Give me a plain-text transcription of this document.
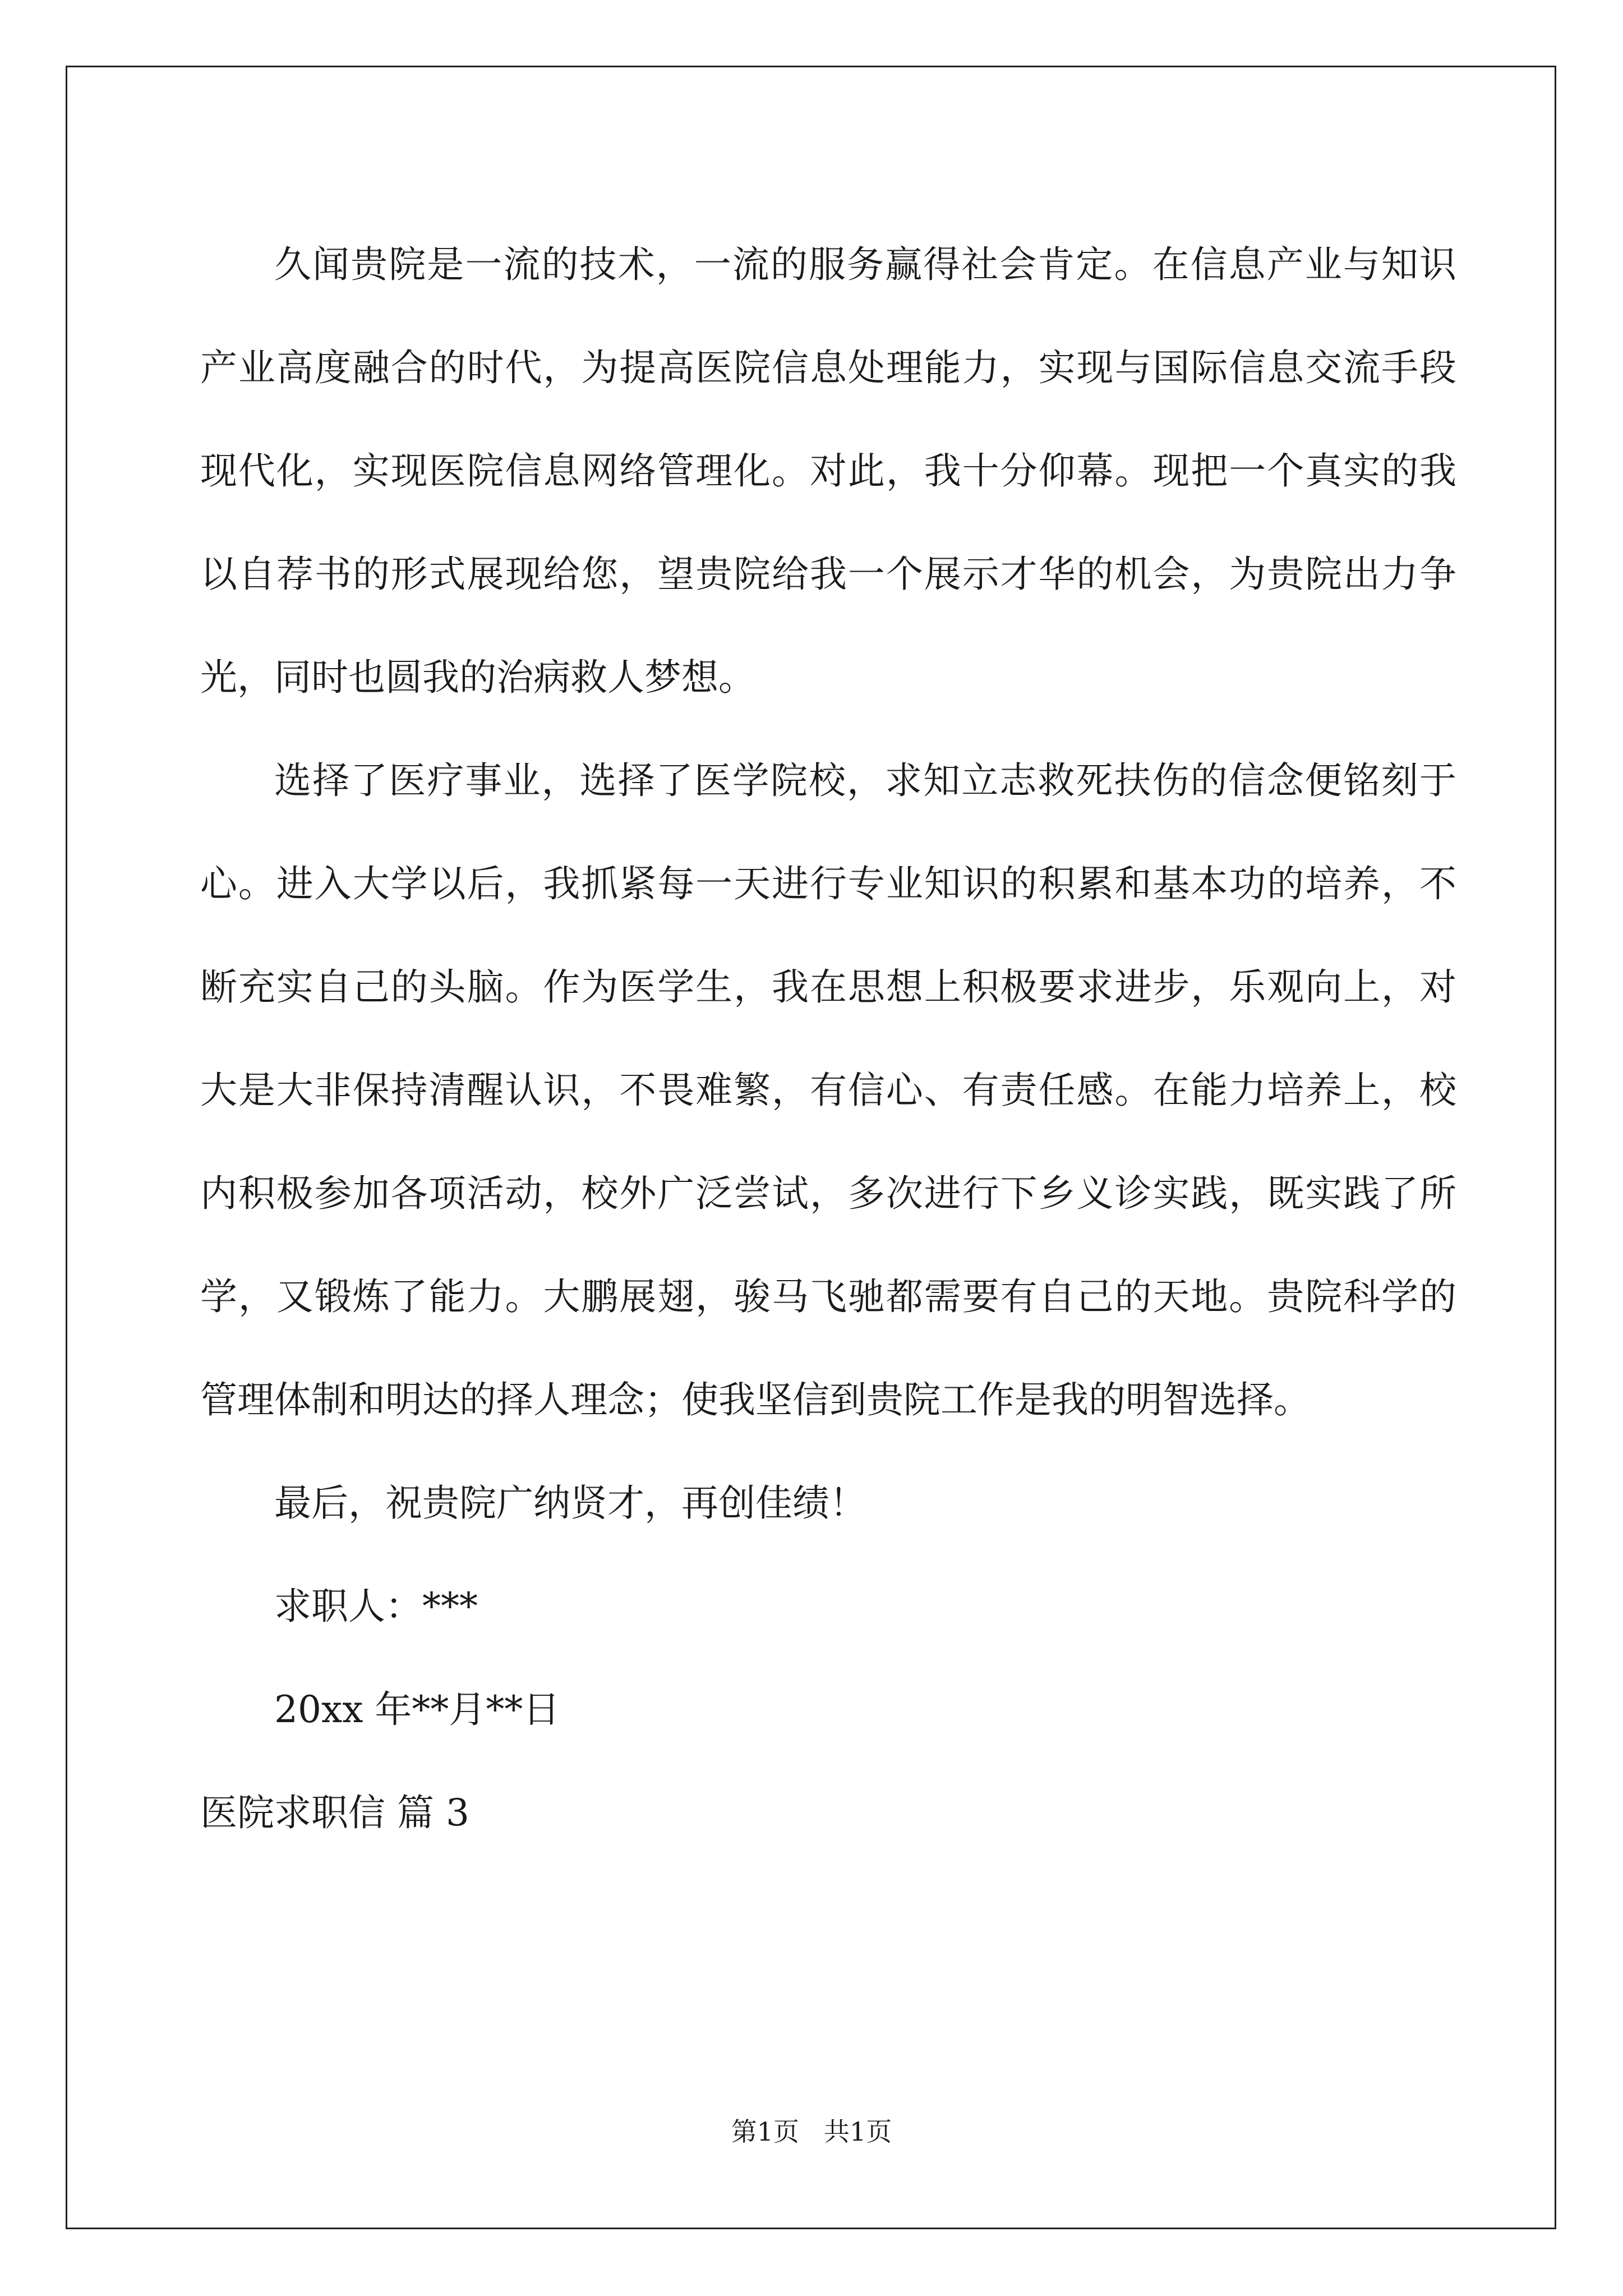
久闻贵院是一流的技术，一流的服务赢得社会肯定。在信息产业与知识产业高度融合的时代，为提高医院信息处理能力，实现与国际信息交流手段现代化，实现医院信息网络管理化。对此，我十分仰幕。现把一个真实的我以自荐书的形式展现给您，望贵院给我一个展示才华的机会，为贵院出力争光，同时也圆我的治病救人梦想。

选择了医疗事业，选择了医学院校，求知立志救死扶伤的信念便铭刻于心。进入大学以后，我抓紧每一天进行专业知识的积累和基本功的培养，不断充实自己的头脑。作为医学生，我在思想上积极要求进步，乐观向上，对大是大非保持清醒认识，不畏难繁，有信心、有责任感。在能力培养上，校内积极参加各项活动，校外广泛尝试，多次进行下乡义诊实践，既实践了所学，又锻炼了能力。大鹏展翅，骏马飞驰都需要有自己的天地。贵院科学的管理体制和明达的择人理念；使我坚信到贵院工作是我的明智选择。

最后，祝贵院广纳贤才，再创佳绩！

求职人：***

20xx 年**月**日

医院求职信 篇 3

第1页 共1页
